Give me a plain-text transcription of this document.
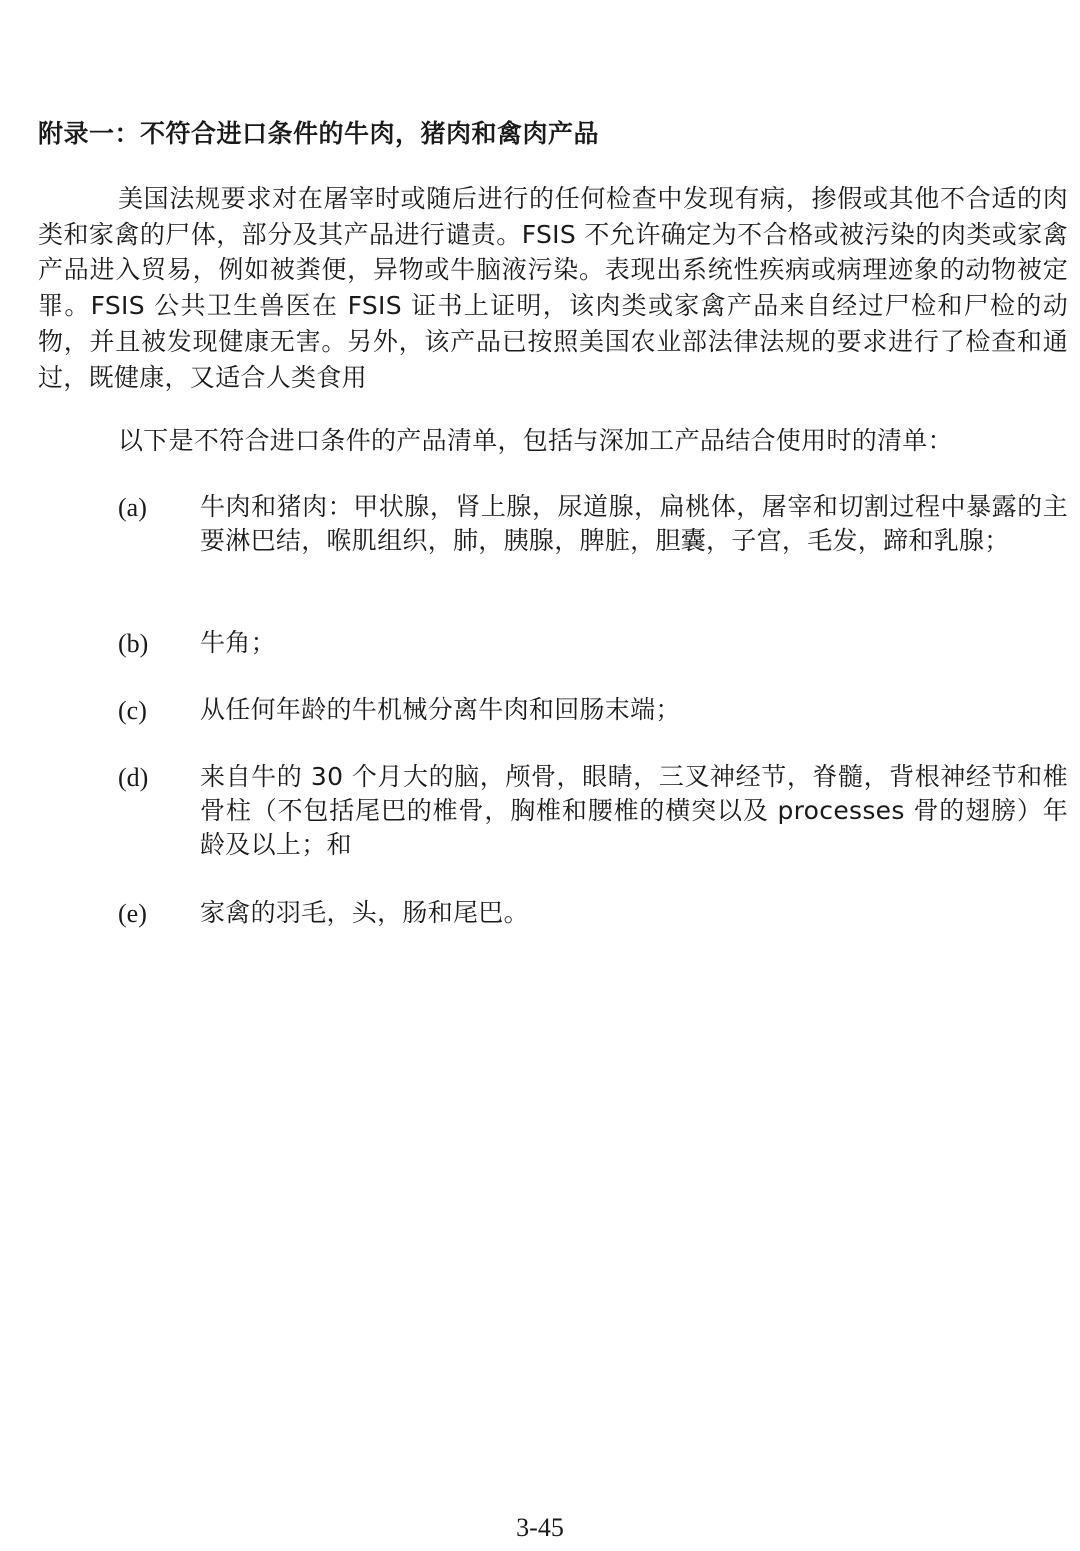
附录一：不符合进口条件的牛肉，猪肉和禽肉产品

美国法规要求对在屠宰时或随后进行的任何检查中发现有病，掺假或其他不合适的肉类和家禽的尸体，部分及其产品进行谴责。FSIS 不允许确定为不合格或被污染的肉类或家禽产品进入贸易，例如被粪便，异物或牛脑液污染。表现出系统性疾病或病理迹象的动物被定罪。FSIS 公共卫生兽医在 FSIS 证书上证明，该肉类或家禽产品来自经过尸检和尸检的动物，并且被发现健康无害。另外，该产品已按照美国农业部法律法规的要求进行了检查和通过，既健康，又适合人类食用

以下是不符合进口条件的产品清单，包括与深加工产品结合使用时的清单：

(a) 牛肉和猪肉：甲状腺，肾上腺，尿道腺，扁桃体，屠宰和切割过程中暴露的主要淋巴结，喉肌组织，肺，胰腺，脾脏，胆囊，子宫，毛发，蹄和乳腺；

(b) 牛角；

(c) 从任何年龄的牛机械分离牛肉和回肠末端；

(d) 来自牛的 30 个月大的脑，颅骨，眼睛，三叉神经节，脊髓，背根神经节和椎骨柱（不包括尾巴的椎骨，胸椎和腰椎的横突以及 processes 骨的翅膀）年龄及以上；和

(e) 家禽的羽毛，头，肠和尾巴。

3-45
